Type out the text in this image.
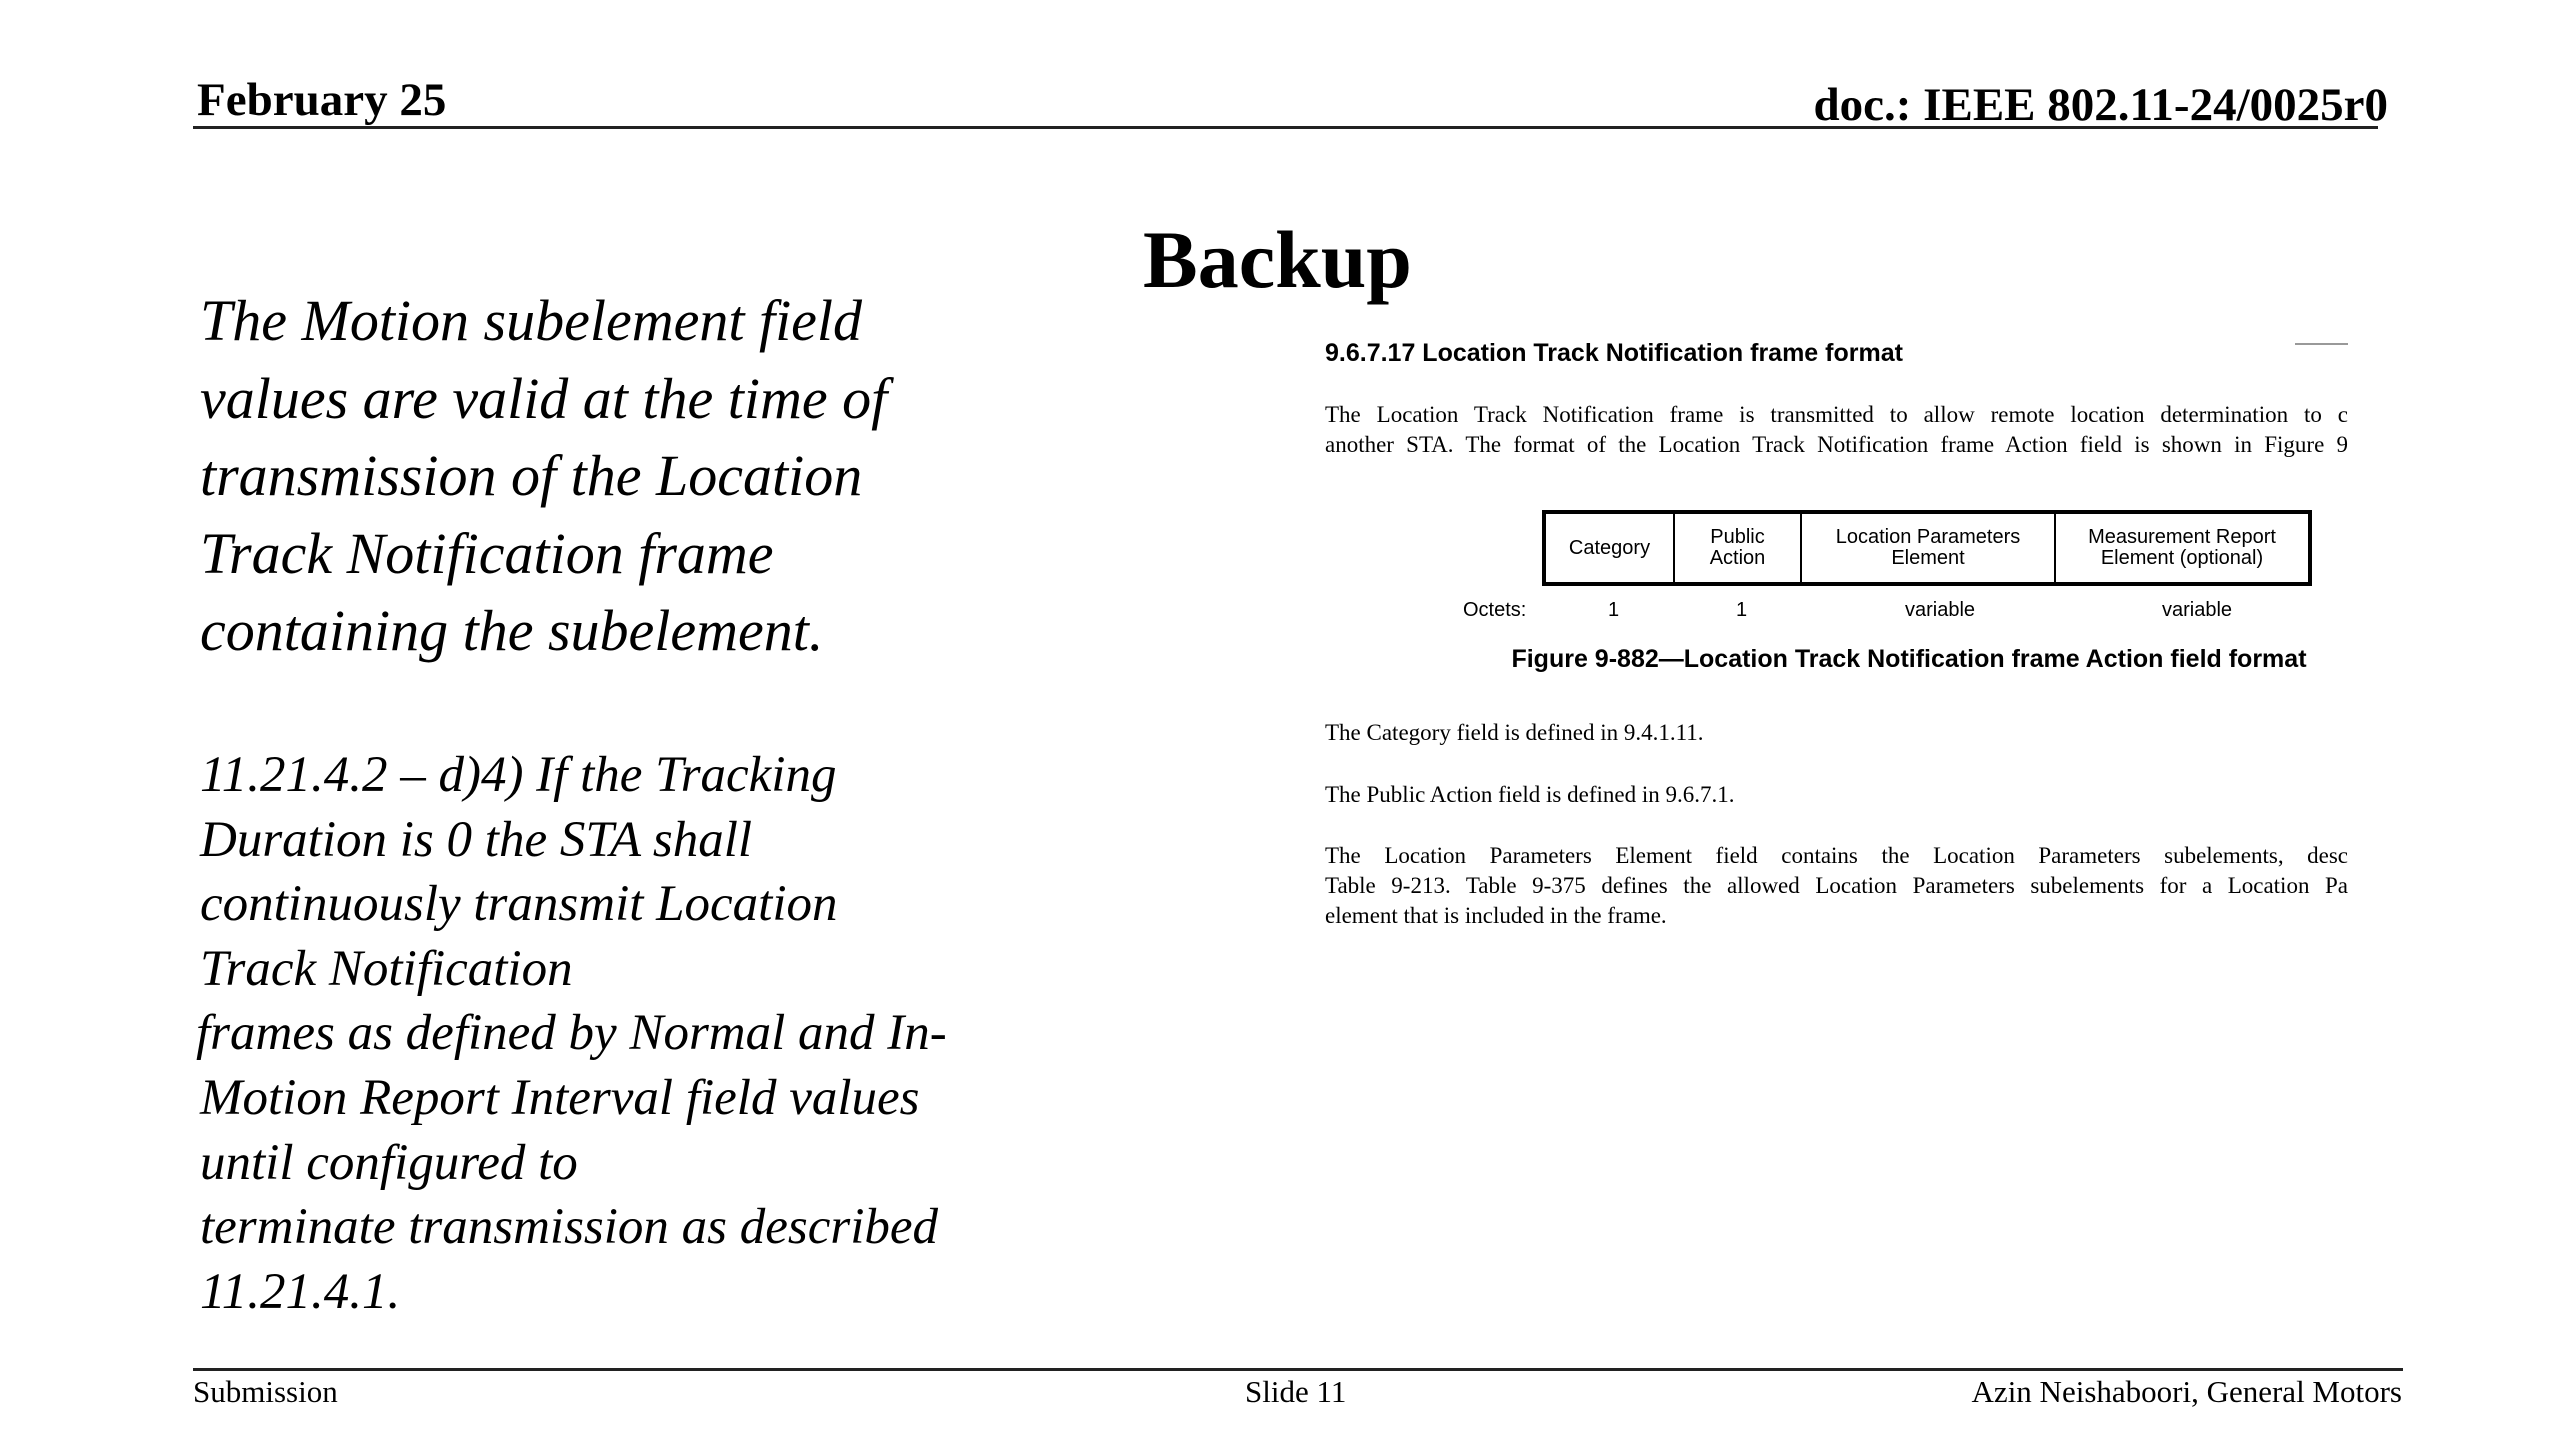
February 25	doc.: IEEE 802.11-24/0025r0
Backup
The Motion subelement field
values are valid at the time of
transmission of the Location
Track Notification frame
containing the subelement.
11.21.4.2 – d)4) If the Tracking
Duration is 0 the STA shall
continuously transmit Location
Track Notification
frames as defined by Normal and In-
Motion Report Interval field values
until configured to
terminate transmission as described
11.21.4.1.
9.6.7.17 Location Track Notification frame format
The Location Track Notification frame is transmitted to allow remote location determination to c
another STA. The format of the Location Track Notification frame Action field is shown in Figure 9
Category	Public Action	Location Parameters Element	Measurement Report Element (optional)
Octets:	1	1	variable	variable
Figure 9-882—Location Track Notification frame Action field format
The Category field is defined in 9.4.1.11.
The Public Action field is defined in 9.6.7.1.
The Location Parameters Element field contains the Location Parameters subelements, desc
Table 9-213. Table 9-375 defines the allowed Location Parameters subelements for a Location Pa
element that is included in the frame.
Submission	Slide 11	Azin Neishaboori, General Motors
